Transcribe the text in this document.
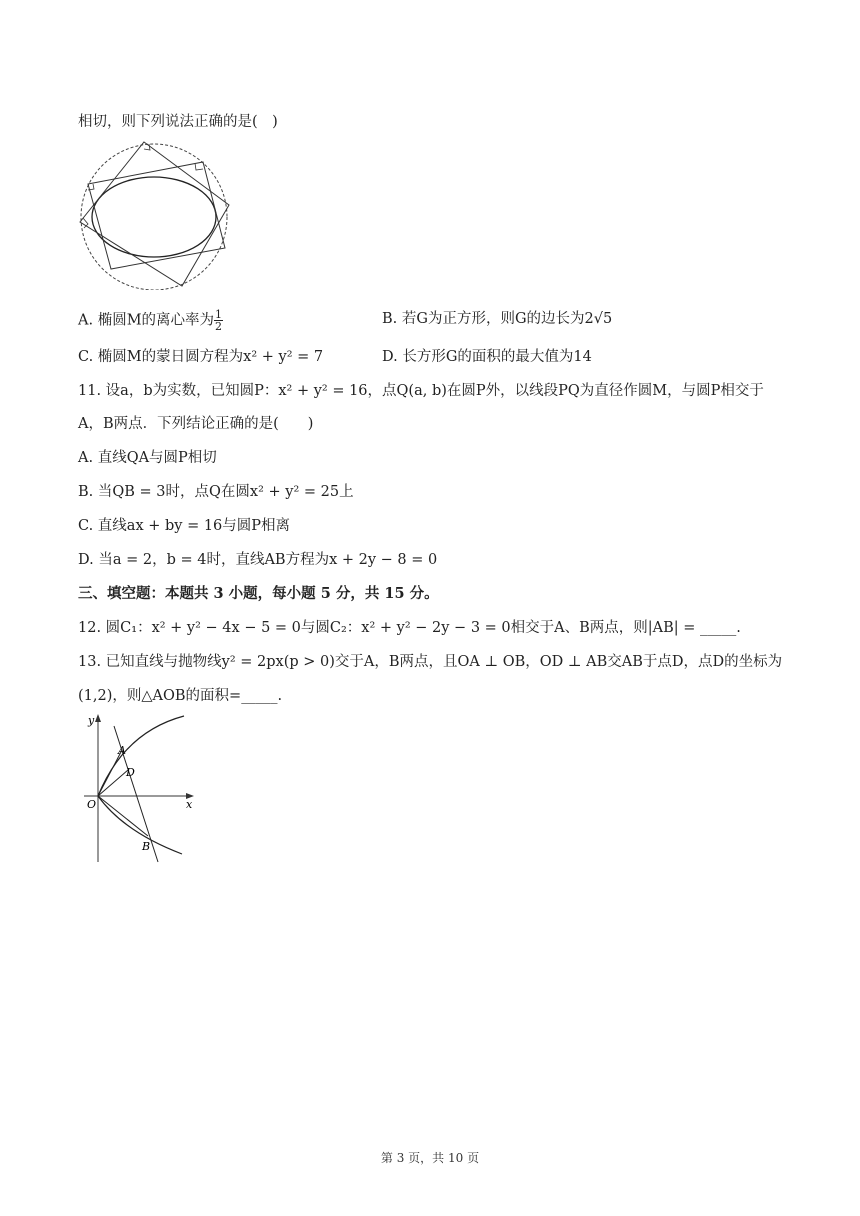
相切，则下列说法正确的是(　)
A. 椭圆M的离心率为 $\frac{1}{2}$	B. 若G为正方形，则G的边长为2√5
C. 椭圆M的蒙日圆方程为x² + y² = 7	D. 长方形G的面积的最大值为14
11. 设a，b为实数，已知圆P：x² + y² = 16，点Q(a, b)在圆P外，以线段PQ为直径作圆M，与圆P相交于
A，B两点．下列结论正确的是(　　)
A. 直线QA与圆P相切
B. 当QB = 3时，点Q在圆x² + y² = 25上
C. 直线ax + by = 16与圆P相离
D. 当a = 2，b = 4时，直线AB方程为x + 2y − 8 = 0
三、填空题：本题共 3 小题，每小题 5 分，共 15 分。
12. 圆C₁：x² + y² − 4x − 5 = 0与圆C₂：x² + y² − 2y − 3 = 0相交于A、B两点，则|AB| = _____.
13. 已知直线与抛物线y² = 2px(p > 0)交于A，B两点，且OA ⊥ OB，OD ⊥ AB交AB于点D，点D的坐标为
(1,2)，则△AOB的面积=_____.
y
x
O
A
D
B
第 3 页，共 10 页
